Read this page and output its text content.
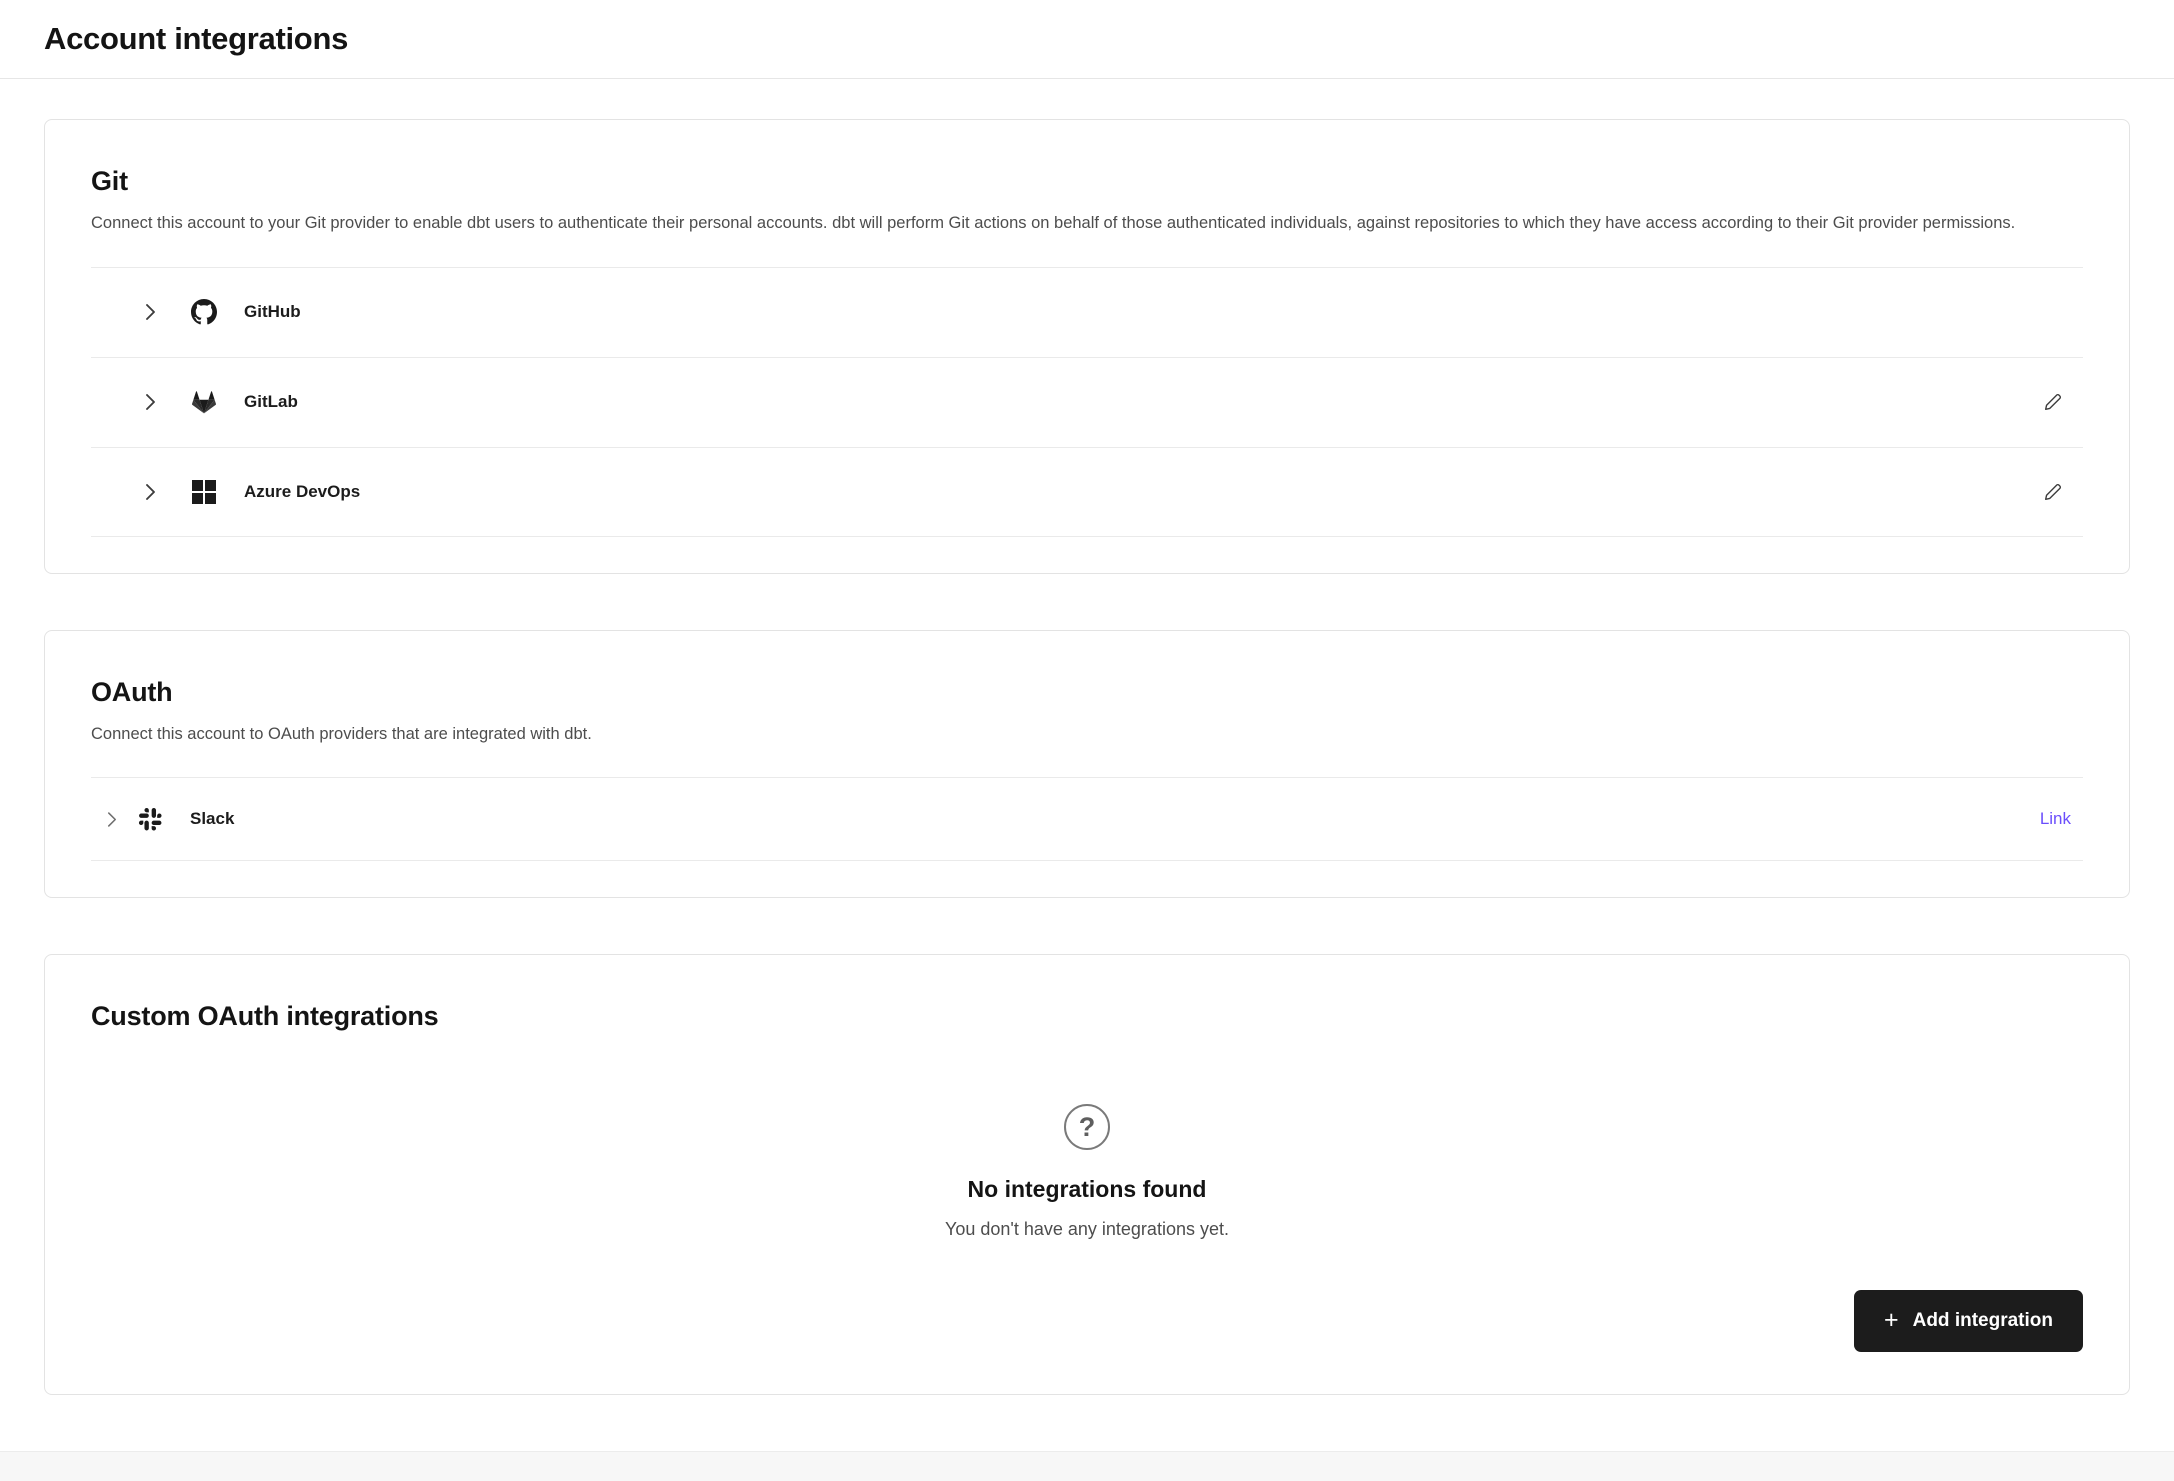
Account integrations
Git

Connect this account to your Git provider to enable dbt users to authenticate their personal accounts. dbt will perform Git actions on behalf of those authenticated individuals, against repositories to which they have access according to their Git provider permissions.

GitHub
GitLab
Azure DevOps
OAuth

Connect this account to OAuth providers that are integrated with dbt.

Slack	Link
Custom OAuth integrations
?
No integrations found
You don't have any integrations yet.
+ Add integration
